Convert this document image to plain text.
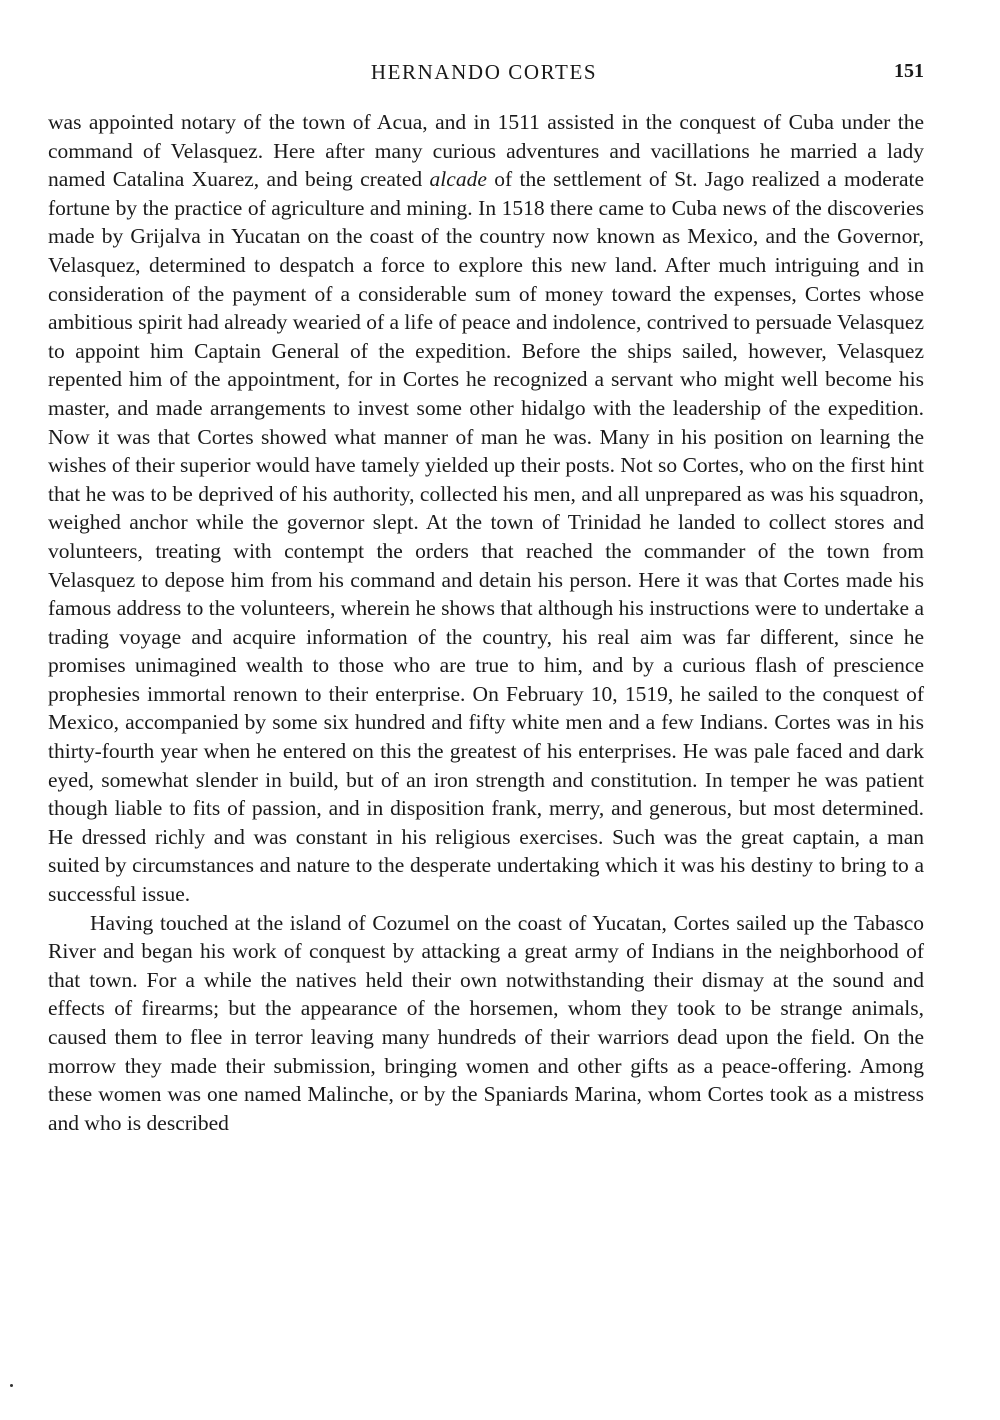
HERNANDO CORTES	151

was appointed notary of the town of Acua, and in 1511 assisted in the conquest of Cuba under the command of Velasquez. Here after many curious adventures and vacillations he married a lady named Catalina Xuarez, and being created alcade of the settlement of St. Jago realized a moderate fortune by the practice of agriculture and mining. In 1518 there came to Cuba news of the discoveries made by Grijalva in Yucatan on the coast of the country now known as Mexico, and the Governor, Velasquez, determined to despatch a force to explore this new land. After much intriguing and in consideration of the payment of a considerable sum of money toward the expenses, Cortes whose ambitious spirit had already wearied of a life of peace and indolence, contrived to persuade Velasquez to appoint him Captain General of the expedition. Before the ships sailed, however, Velasquez repented him of the appointment, for in Cortes he recognized a servant who might well become his master, and made arrangements to invest some other hidalgo with the leadership of the expedition. Now it was that Cortes showed what manner of man he was. Many in his position on learning the wishes of their superior would have tamely yielded up their posts. Not so Cortes, who on the first hint that he was to be deprived of his authority, collected his men, and all unprepared as was his squadron, weighed anchor while the governor slept. At the town of Trinidad he landed to collect stores and volunteers, treating with contempt the orders that reached the commander of the town from Velasquez to depose him from his command and detain his person. Here it was that Cortes made his famous address to the volunteers, wherein he shows that although his instructions were to undertake a trading voyage and acquire information of the country, his real aim was far different, since he promises unimagined wealth to those who are true to him, and by a curious flash of prescience prophesies immortal renown to their enterprise. On February 10, 1519, he sailed to the conquest of Mexico, accompanied by some six hundred and fifty white men and a few Indians. Cortes was in his thirty-fourth year when he entered on this the greatest of his enterprises. He was pale faced and dark eyed, somewhat slender in build, but of an iron strength and constitution. In temper he was patient though liable to fits of passion, and in disposition frank, merry, and generous, but most determined. He dressed richly and was constant in his religious exercises. Such was the great captain, a man suited by circumstances and nature to the desperate undertaking which it was his destiny to bring to a successful issue.

Having touched at the island of Cozumel on the coast of Yucatan, Cortes sailed up the Tabasco River and began his work of conquest by attacking a great army of Indians in the neighborhood of that town. For a while the natives held their own notwithstanding their dismay at the sound and effects of firearms; but the appearance of the horsemen, whom they took to be strange animals, caused them to flee in terror leaving many hundreds of their warriors dead upon the field. On the morrow they made their submission, bringing women and other gifts as a peace-offering. Among these women was one named Malinche, or by the Spaniards Marina, whom Cortes took as a mistress and who is described
